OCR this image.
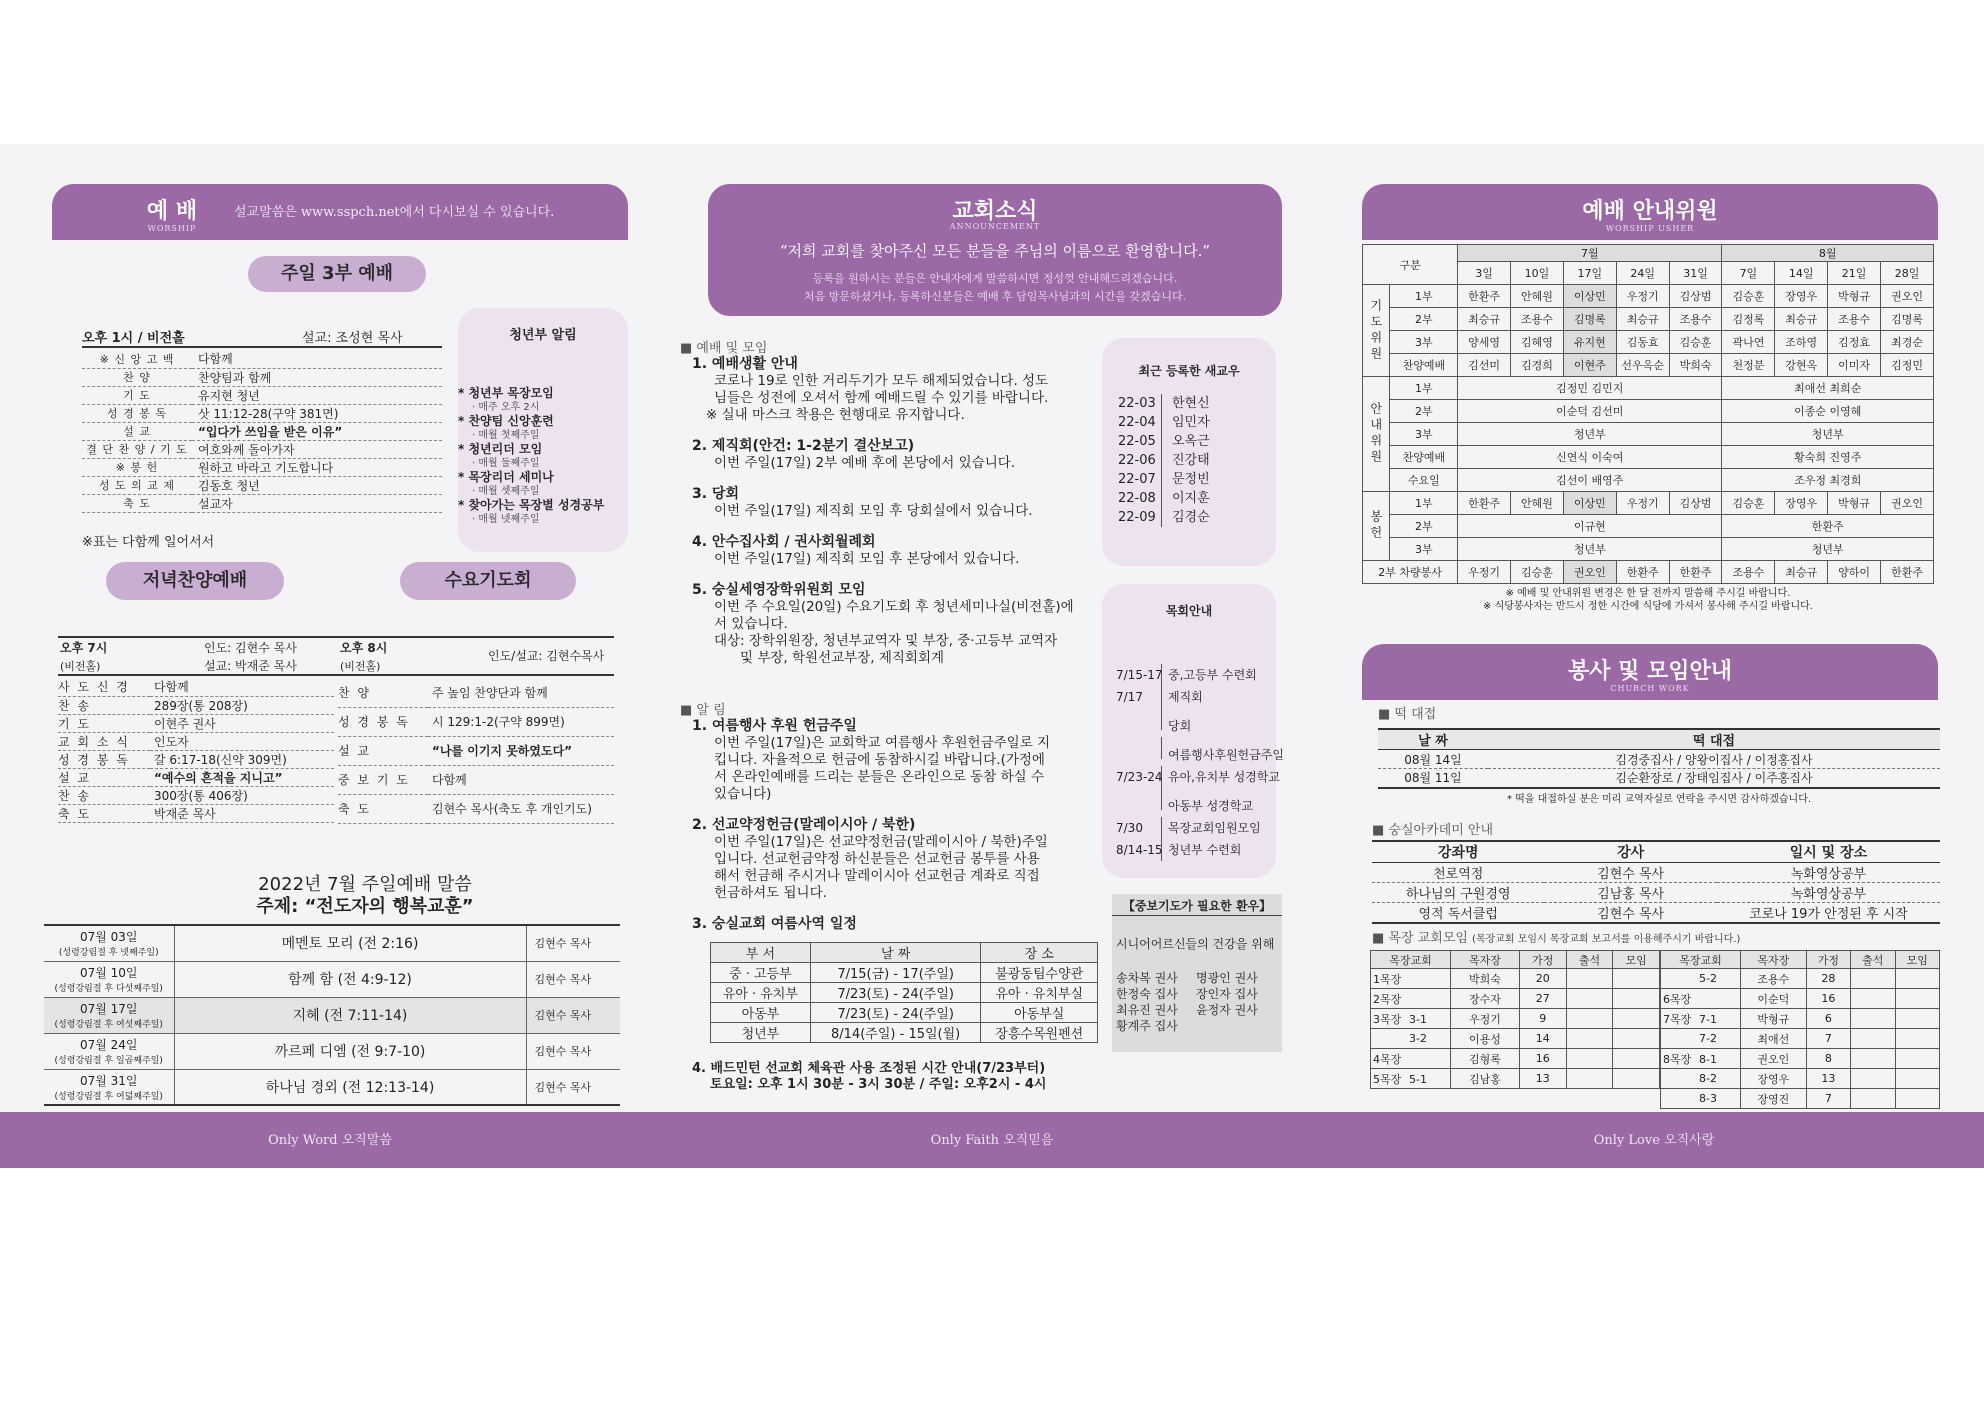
예 배
WORSHIP
설교말씀은 www.sspch.net에서 다시보실 수 있습니다.
주일 3부 예배
오후 1시 / 비전홀	설교: 조성현 목사
※ 신 앙 고 백	다함께
찬 양	찬양팀과 함께
기 도	유지현 청년
성 경 봉 독	삿 11:12-28(구약 381면)
설 교	“입다가 쓰임을 받은 이유”
결 단 찬 양 / 기 도	여호와께 돌아가자
※ 봉 헌	원하고 바라고 기도합니다
성 도 의 교 제	김동호 청년
축 도	설교자
※표는 다함께 일어서서
청년부 알림
* 청년부 목장모임
· 매주 오후 2시
* 찬양팀 신앙훈련
· 매월 첫째주일
* 청년리더 모임
· 매월 둘째주일
* 목장리더 세미나
· 매월 셋째주일
* 찾아가는 목장별 성경공부
· 매월 넷째주일
저녁찬양예배	수요기도회
오후 7시
(비전홀)
인도: 김현수 목사
설교: 박재준 목사
오후 8시
(비전홀)
인도/설교: 김현수목사
사 도 신 경	다함께
찬 송	289장(통 208장)
기 도	이현주 권사
교 회 소 식	인도자
성 경 봉 독	갈 6:17-18(신약 309면)
설 교	“예수의 흔적을 지니고”
찬 송	300장(통 406장)
축 도	박재준 목사
찬 양	주 높임 찬양단과 함께
성 경 봉 독	시 129:1-2(구약 899면)
설 교	“나를 이기지 못하였도다”
중 보 기 도	다함께
축 도	김현수 목사(축도 후 개인기도)
2022년 7월 주일예배 말씀
주제: “전도자의 행복교훈”
07월 03일
(성령강림절 후 넷째주일)	메멘토 모리 (전 2:16)	김현수 목사

07월 10일
(성령강림절 후 다섯째주일)	함께 함 (전 4:9-12)	김현수 목사

07월 17일
(성령강림절 후 여섯째주일)	지혜 (전 7:11-14)	김현수 목사

07월 24일
(성령강림절 후 일곱째주일)	까르페 디엠 (전 9:7-10)	김현수 목사

07월 31일
(성령강림절 후 여덟째주일)	하나님 경외 (전 12:13-14)	김현수 목사
교회소식
ANNOUNCEMENT
“저희 교회를 찾아주신 모든 분들을 주님의 이름으로 환영합니다.”
등록을 원하시는 분들은 안내자에게 말씀하시면 정성껏 안내해드리겠습니다.
처음 방문하셨거나, 등록하신분들은 예배 후 담임목사님과의 시간을 갖겠습니다.
최근 등록한 새교우
22-03 한현신
22-04 임민자
22-05 오옥근
22-06 진강태
22-07 문정빈
22-08 이지훈
22-09 김경순
목회안내
7/15-17 중,고등부 수련회
7/17 제직회
당회
여름행사후원헌금주일
7/23-24 유아,유치부 성경학교
아동부 성경학교
7/30 목장교회임원모임
8/14-15 청년부 수련회
【중보기도가 필요한 환우】
시니어어르신들의 건강을 위해
송차복 권사 명광인 권사
한정숙 집사 장인자 집사
최유진 권사 윤정자 권사
황계주 집사
■ 예배 및 모임
1. 예배생활 안내
코로나 19로 인한 거리두기가 모두 해제되었습니다. 성도
님들은 성전에 오셔서 함께 예배드릴 수 있기를 바랍니다.
※ 실내 마스크 착용은 현행대로 유지합니다.
2. 제직회(안건: 1-2분기 결산보고)
이번 주일(17일) 2부 예배 후에 본당에서 있습니다.
3. 당회
이번 주일(17일) 제직회 모임 후 당회실에서 있습니다.
4. 안수집사회 / 권사회월례회
이번 주일(17일) 제직회 모임 후 본당에서 있습니다.
5. 숭실세영장학위원회 모임
이번 주 수요일(20일) 수요기도회 후 청년세미나실(비전홀)에
서 있습니다.
대상: 장학위원장, 청년부교역자 및 부장, 중·고등부 교역자
및 부장, 학원선교부장, 제직회회계
■ 알 림
1. 여름행사 후원 헌금주일
이번 주일(17일)은 교회학교 여름행사 후원헌금주일로 지
킵니다. 자율적으로 헌금에 동참하시길 바랍니다.(가정에
서 온라인예배를 드리는 분들은 온라인으로 동참 하실 수
있습니다)
2. 선교약정헌금(말레이시아 / 북한)
이번 주일(17일)은 선교약정헌금(말레이시아 / 북한)주일
입니다. 선교헌금약정 하신분들은 선교헌금 봉투를 사용
해서 헌금해 주시거나 말레이시아 선교헌금 계좌로 직접
헌금하셔도 됩니다.
3. 숭실교회 여름사역 일정
부 서	날 짜	장 소
중 · 고등부	7/15(금) - 17(주일)	불광동팀수양관
유아 · 유치부	7/23(토) - 24(주일)	유아 · 유치부실
아동부	7/23(토) - 24(주일)	아동부실
청년부	8/14(주일) - 15일(월)	장흥수목원펜션
4. 배드민턴 선교회 체육관 사용 조정된 시간 안내(7/23부터)
토요일: 오후 1시 30분 - 3시 30분 / 주일: 오후2시 - 4시
예배 안내위원
WORSHIP USHER
구분		7월					8월			
		3일	10일	17일	24일	31일	7일	14일	21일	28일
기도위원	1부	한환주	안혜원	이상민	우정기	김상범	김승훈	장영우	박형규	권오인
	2부	최승규	조용수	김명록	최승규	조용수	김정록	최승규	조용수	김명록
	3부	양세영	김혜영	유지현	김동효	김승훈	곽나연	조하영	김정효	최경순
	찬양예배	김선미	김경희	이현주	선우옥순	박희숙	천정분	강현옥	이미자	김정민
안내위원	1부	김정민 김민지					최애선 최희순			
	2부	이순덕 김선미					이종순 이영혜			
	3부	청년부					청년부			
	찬양예배	신연식 이숙여					황숙희 진영주			
	수요일	김선이 배영주					조우정 최경희			
봉헌	1부	한환주	안혜원	이상민	우정기	김상범	김승훈	장영우	박형규	권오인
	2부	이규현					한환주			
	3부	청년부					청년부			
2부 차량봉사		우정기	김승훈	권오인	한환주	한환주	조용수	최승규	양하이	한환주
※ 예배 및 안내위원 변경은 한 달 전까지 말씀해 주시길 바랍니다.
※ 식당봉사자는 반드시 정한 시간에 식당에 가셔서 봉사해 주시길 바랍니다.
봉사 및 모임안내
CHURCH WORK
■ 떡 대접
날 짜	떡 대접
08월 14일	김경중집사 / 양왕이집사 / 이정홍집사
08월 11일	김순환장로 / 장태임집사 / 이주홍집사
* 떡을 대접하실 분은 미리 교역자실로 연락을 주시면 감사하겠습니다.
■ 숭실아카데미 안내
강좌명	강사	일시 및 장소
천로역정	김현수 목사	녹화영상공부
하나님의 구원경영	김남홍 목사	녹화영상공부
영적 독서클럽	김현수 목사	코로나 19가 안정된 후 시작
■ 목장 교회모임 (목장교회 모임시 목장교회 보고서를 이용해주시기 바랍니다.)
목장교회	목자장	가정	출석	모임
1목장	박희숙	20		
2목장	장수자	27		
3목장 3-1	우정기	9		
3-2	이용성	14		
4목장	김형록	16		
5목장 5-1	김남홍	13		
목장교회	목자장	가정	출석	모임
5-2	조용수	28		
6목장	이순덕	16		
7목장 7-1	박형규	6		
7-2	최애선	7		
8목장 8-1	권오인	8		
8-2	장영우	13		
8-3	장영진	7		
Only Word 오직말씀	Only Faith 오직믿음	Only Love 오직사랑
